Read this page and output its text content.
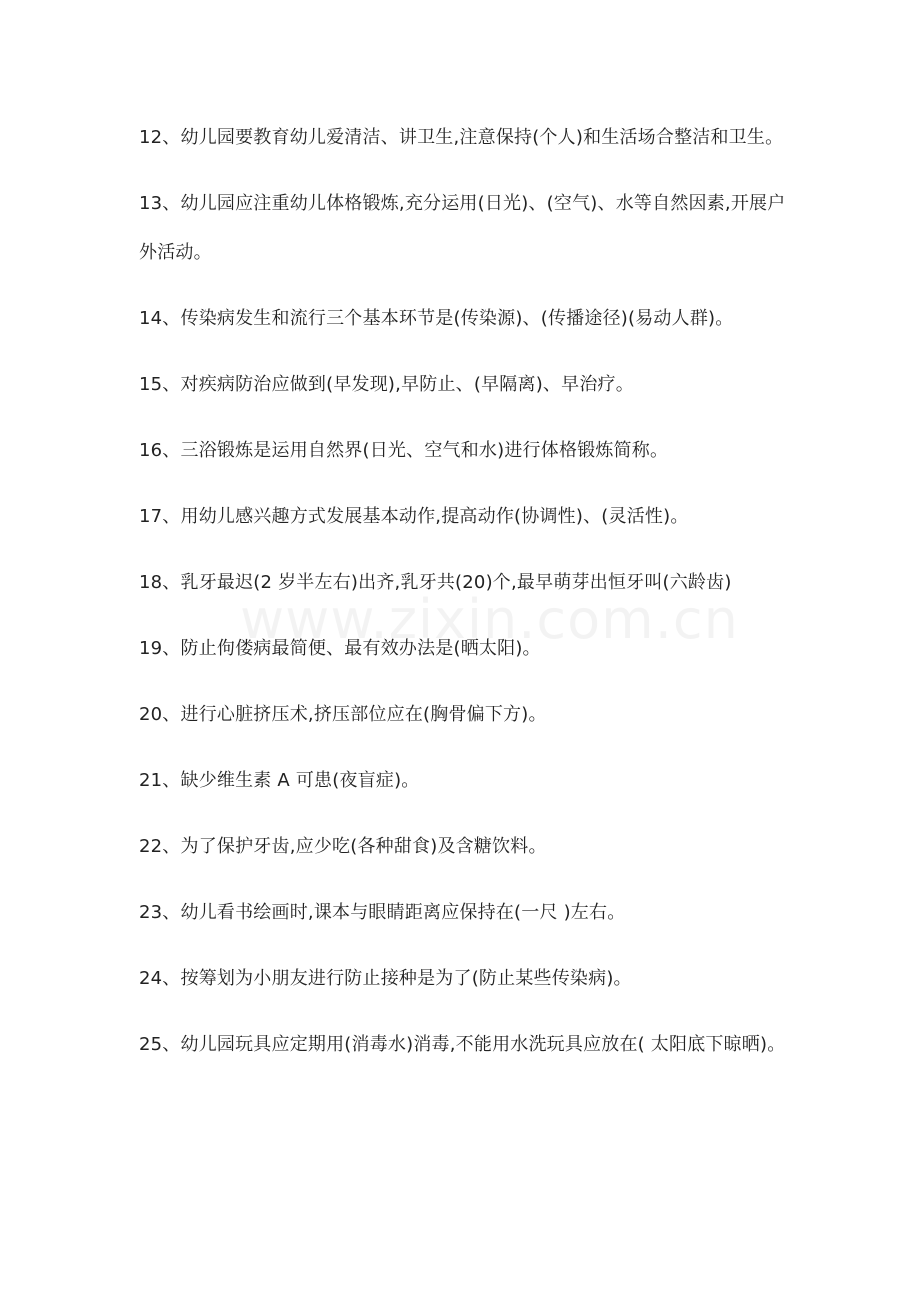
12、幼儿园要教育幼儿爱清洁、讲卫生,注意保持(个人)和生活场合整洁和卫生。

13、幼儿园应注重幼儿体格锻炼,充分运用(日光)、(空气)、水等自然因素,开展户外活动。

14、传染病发生和流行三个基本环节是(传染源)、(传播途径)(易动人群)。

15、对疾病防治应做到(早发现),早防止、(早隔离)、早治疗。

16、三浴锻炼是运用自然界(日光、空气和水)进行体格锻炼简称。

17、用幼儿感兴趣方式发展基本动作,提高动作(协调性)、(灵活性)。

18、乳牙最迟(2 岁半左右)出齐,乳牙共(20)个,最早萌芽出恒牙叫(六龄齿)

19、防止佝偻病最简便、最有效办法是(晒太阳)。

20、进行心脏挤压术,挤压部位应在(胸骨偏下方)。

21、缺少维生素 A 可患(夜盲症)。

22、为了保护牙齿,应少吃(各种甜食)及含糖饮料。

23、幼儿看书绘画时,课本与眼睛距离应保持在(一尺 )左右。

24、按筹划为小朋友进行防止接种是为了(防止某些传染病)。

25、幼儿园玩具应定期用(消毒水)消毒,不能用水洗玩具应放在( 太阳底下晾晒)。
